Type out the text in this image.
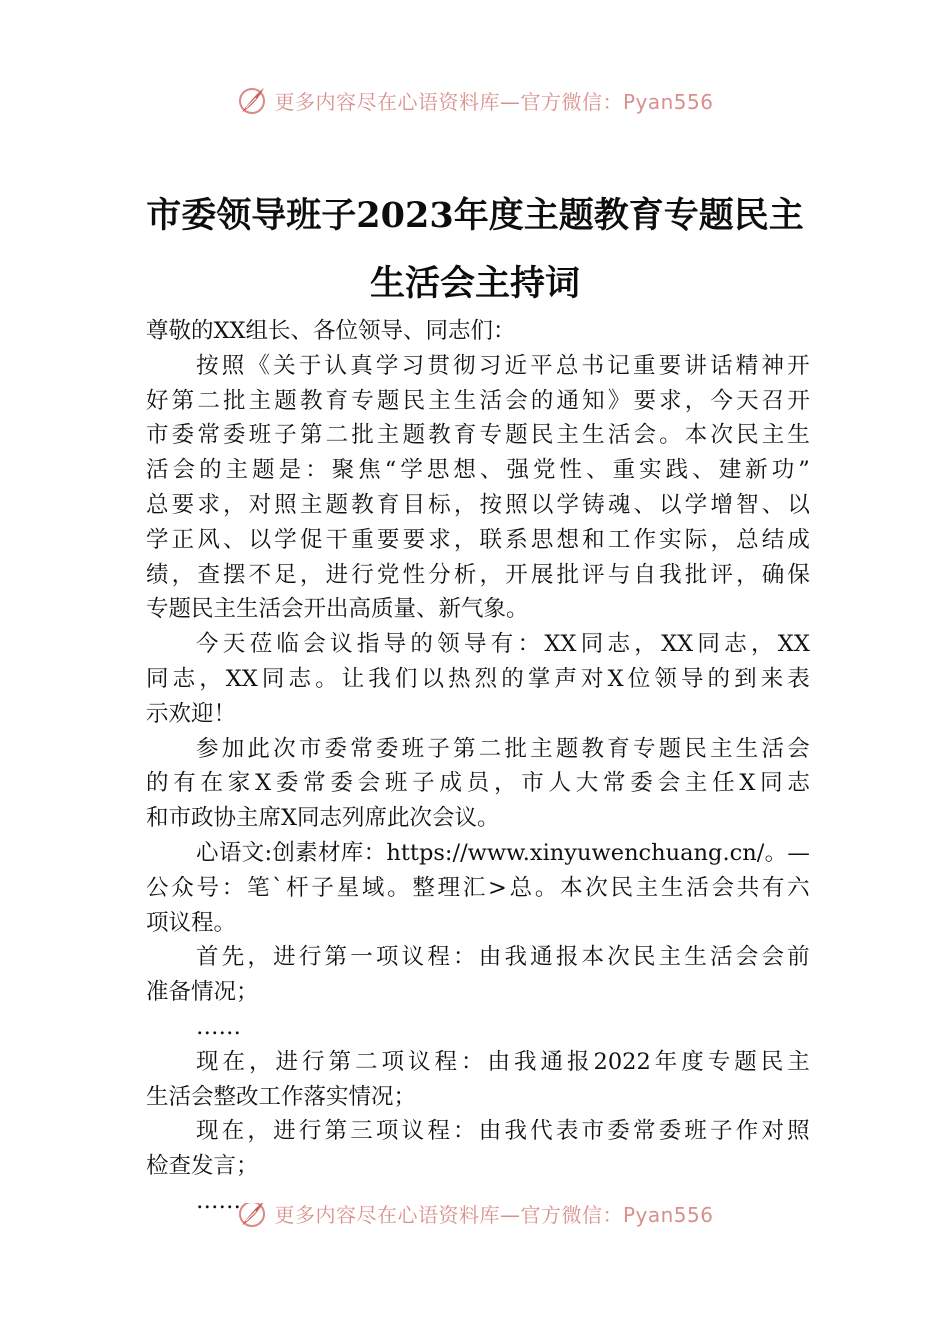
更多内容尽在心语资料库—官方微信：Pyan556
市委领导班子2023年度主题教育专题民主
生活会主持词
尊敬的XX组长、各位领导、同志们：
按 照 《 关 于 认 真 学 习 贯 彻 习 近 平 总 书 记 重 要 讲 话 精 神 开
好 第 二 批 主 题 教 育 专 题 民 主 生 活 会 的 通 知 》 要 求 ， 今 天 召 开
市 委 常 委 班 子 第 二 批 主 题 教 育 专 题 民 主 生 活 会 。 本 次 民 主 生
活 会 的 主 题 是 ： 聚 焦 “ 学 思 想 、 强 党 性 、 重 实 践 、 建 新 功 ”
总 要 求 ， 对 照 主 题 教 育 目 标 ， 按 照 以 学 铸 魂 、 以 学 增 智 、 以
学 正 风 、 以 学 促 干 重 要 要 求 ， 联 系 思 想 和 工 作 实 际 ， 总 结 成
绩 ， 查 摆 不 足 ， 进 行 党 性 分 析 ， 开 展 批 评 与 自 我 批 评 ， 确 保
专题民主生活会开出高质量、新气象。
今 天 莅 临 会 议 指 导 的 领 导 有 ： XX 同 志 ， XX 同 志 ， XX
同 志 ， XX 同 志 。 让 我 们 以 热 烈 的 掌 声 对 X 位 领 导 的 到 来 表
示欢迎！
参 加 此 次 市 委 常 委 班 子 第 二 批 主 题 教 育 专 题 民 主 生 活 会
的 有 在 家 X 委 常 委 会 班 子 成 员 ， 市 人 大 常 委 会 主 任 X 同 志
和市政协主席X同志列席此次会议。
心 语 文 : 创 素 材 库 ： https://www.xinyuwenchuang.cn/ 。 —
公 众 号 ： 笔 ` 杆 子 星 域 。 整 理 汇 > 总 。 本 次 民 主 生 活 会 共 有 六
项议程。
首 先 ， 进 行 第 一 项 议 程 ： 由 我 通 报 本 次 民 主 生 活 会 会 前
准备情况；
……
现 在 ， 进 行 第 二 项 议 程 ： 由 我 通 报 2022 年 度 专 题 民 主
生活会整改工作落实情况；
现 在 ， 进 行 第 三 项 议 程 ： 由 我 代 表 市 委 常 委 班 子 作 对 照
检查发言；
……
更多内容尽在心语资料库—官方微信：Pyan556
